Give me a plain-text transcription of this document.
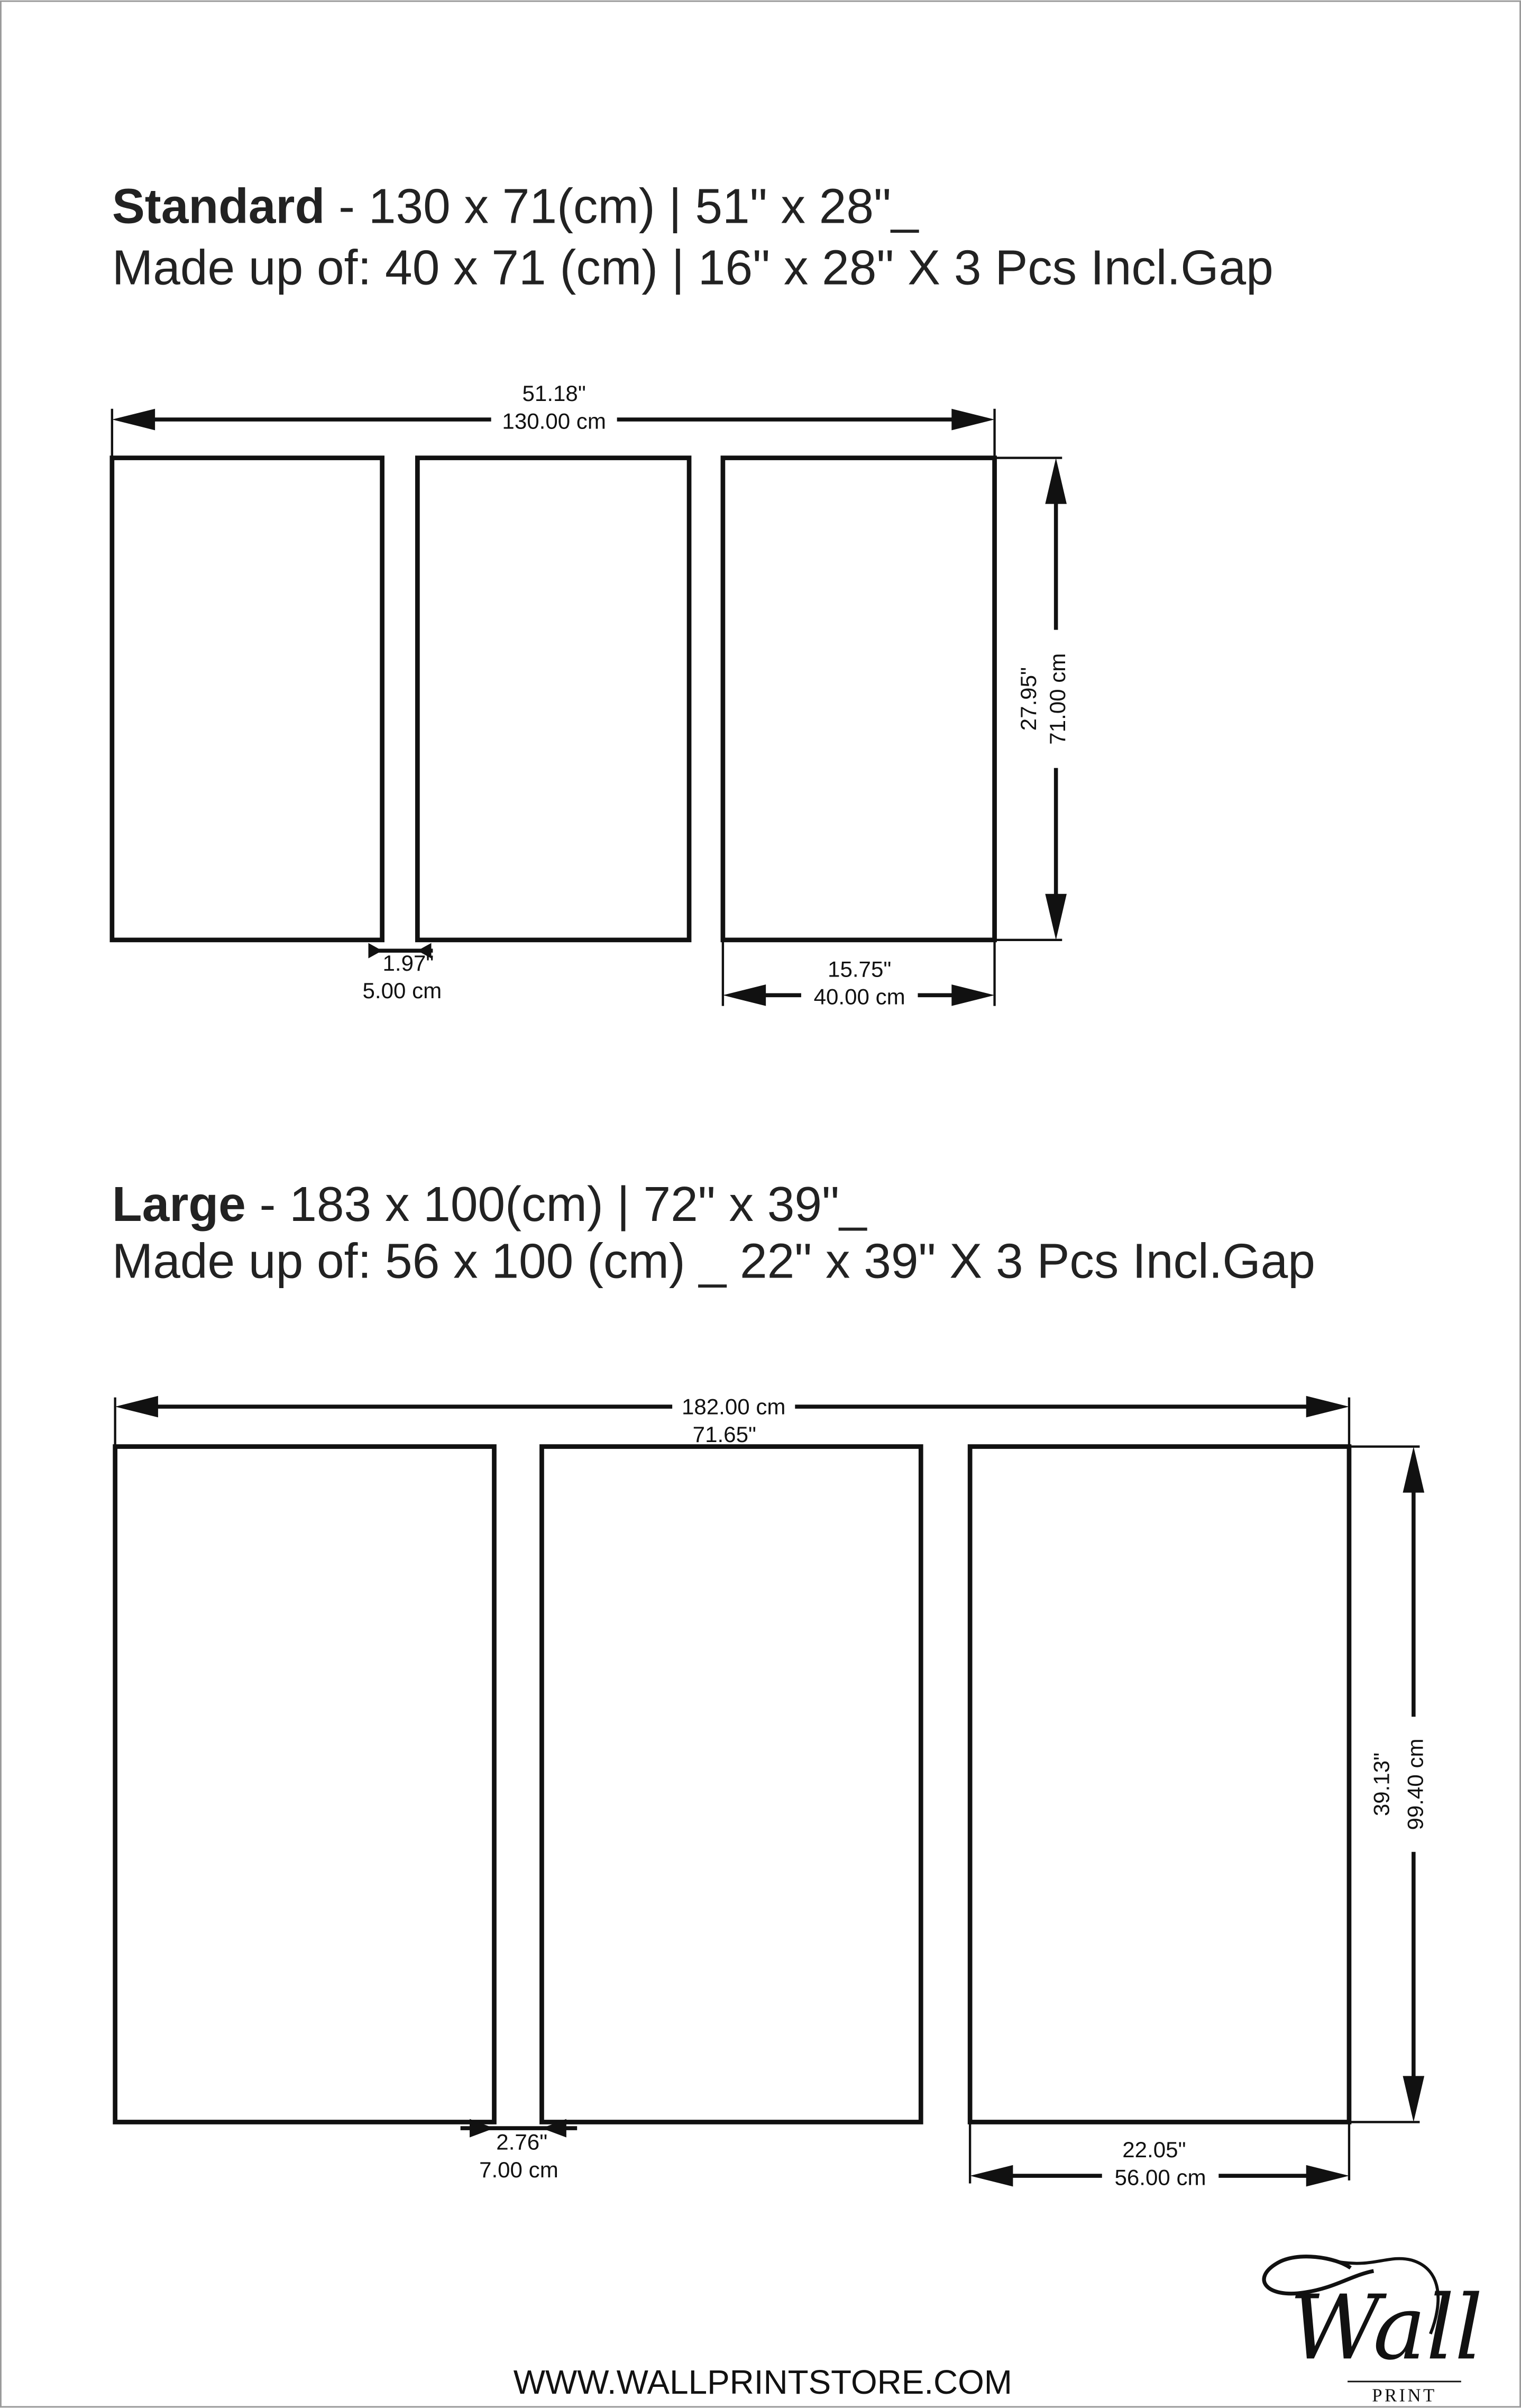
Standard - 130 x 71(cm) | 51" x 28"_
Made up of: 40 x 71 (cm) | 16" x 28" X 3 Pcs Incl.Gap
51.18"
130.00 cm
27.95" 71.00 cm
1.97"
5.00 cm
15.75"
40.00 cm
Large - 183 x 100(cm) | 72" x 39"_
Made up of: 56 x 100 (cm) _ 22" x 39" X 3 Pcs Incl.Gap
182.00 cm
71.65"
39.13" 99.40 cm
2.76"
7.00 cm
22.05"
56.00 cm
WWW.WALLPRINTSTORE.COM
Wall
PRINT
